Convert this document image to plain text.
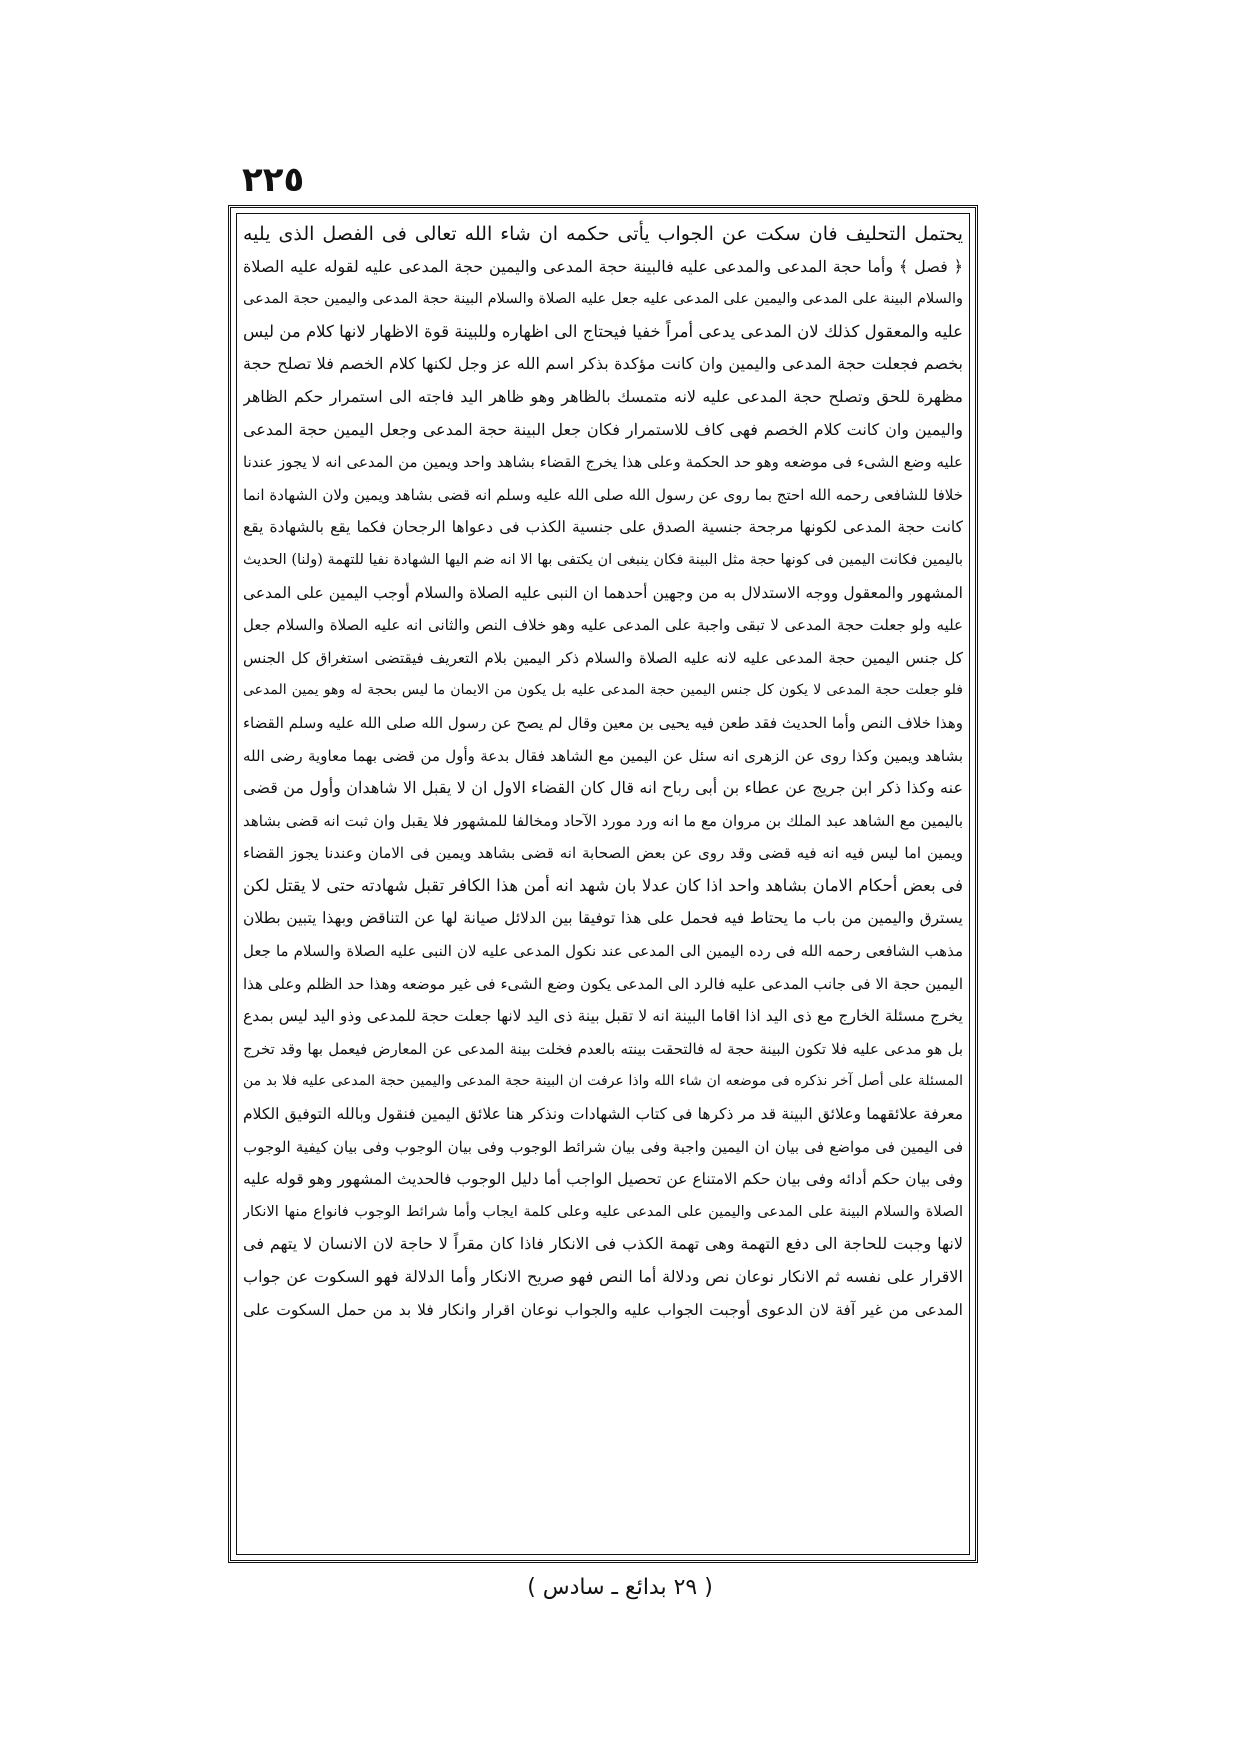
٢٢٥
يحتمل التحليف فان سكت عن الجواب يأتى حكمه ان شاء الله تعالى فى الفصل الذى يليه
﴿ فصل ﴾ وأما حجة المدعى والمدعى عليه فالبينة حجة المدعى واليمين حجة المدعى عليه لقوله عليه الصلاة
والسلام البينة على المدعى واليمين على المدعى عليه جعل عليه الصلاة والسلام البينة حجة المدعى واليمين حجة المدعى
عليه والمعقول كذلك لان المدعى يدعى أمراً خفيا فيحتاج الى اظهاره وللبينة قوة الاظهار لانها كلام من ليس
بخصم فجعلت حجة المدعى واليمين وان كانت مؤكدة بذكر اسم الله عز وجل لكنها كلام الخصم فلا تصلح حجة
مظهرة للحق وتصلح حجة المدعى عليه لانه متمسك بالظاهر وهو ظاهر اليد فاجته الى استمرار حكم الظاهر
واليمين وان كانت كلام الخصم فهى كاف للاستمرار فكان جعل البينة حجة المدعى وجعل اليمين حجة المدعى
عليه وضع الشىء فى موضعه وهو حد الحكمة وعلى هذا يخرج القضاء بشاهد واحد ويمين من المدعى انه لا يجوز عندنا
خلافا للشافعى رحمه الله احتج بما روى عن رسول الله صلى الله عليه وسلم انه قضى بشاهد ويمين ولان الشهادة انما
كانت حجة المدعى لكونها مرجحة جنسية الصدق على جنسية الكذب فى دعواها الرجحان فكما يقع بالشهادة يقع
باليمين فكانت اليمين فى كونها حجة مثل البينة فكان ينبغى ان يكتفى بها الا انه ضم اليها الشهادة نفيا للتهمة (ولنا) الحديث
المشهور والمعقول ووجه الاستدلال به من وجهين أحدهما ان النبى عليه الصلاة والسلام أوجب اليمين على المدعى
عليه ولو جعلت حجة المدعى لا تبقى واجبة على المدعى عليه وهو خلاف النص والثانى انه عليه الصلاة والسلام جعل
كل جنس اليمين حجة المدعى عليه لانه عليه الصلاة والسلام ذكر اليمين بلام التعريف فيقتضى استغراق كل الجنس
فلو جعلت حجة المدعى لا يكون كل جنس اليمين حجة المدعى عليه بل يكون من الايمان ما ليس بحجة له وهو يمين المدعى
وهذا خلاف النص وأما الحديث فقد طعن فيه يحيى بن معين وقال لم يصح عن رسول الله صلى الله عليه وسلم القضاء
بشاهد ويمين وكذا روى عن الزهرى انه سئل عن اليمين مع الشاهد فقال بدعة وأول من قضى بهما معاوية رضى الله
عنه وكذا ذكر ابن جريج عن عطاء بن أبى رباح انه قال كان القضاء الاول ان لا يقبل الا شاهدان وأول من قضى
باليمين مع الشاهد عبد الملك بن مروان مع ما انه ورد مورد الآحاد ومخالفا للمشهور فلا يقبل وان ثبت انه قضى بشاهد
ويمين اما ليس فيه انه فيه قضى وقد روى عن بعض الصحابة انه قضى بشاهد ويمين فى الامان وعندنا يجوز القضاء
فى بعض أحكام الامان بشاهد واحد اذا كان عدلا بان شهد انه أمن هذا الكافر تقبل شهادته حتى لا يقتل لكن
يسترق واليمين من باب ما يحتاط فيه فحمل على هذا توفيقا بين الدلائل صيانة لها عن التناقض وبهذا يتبين بطلان
مذهب الشافعى رحمه الله فى رده اليمين الى المدعى عند نكول المدعى عليه لان النبى عليه الصلاة والسلام ما جعل
اليمين حجة الا فى جانب المدعى عليه فالرد الى المدعى يكون وضع الشىء فى غير موضعه وهذا حد الظلم وعلى هذا
يخرج مسئلة الخارج مع ذى اليد اذا اقاما البينة انه لا تقبل بينة ذى اليد لانها جعلت حجة للمدعى وذو اليد ليس بمدع
بل هو مدعى عليه فلا تكون البينة حجة له فالتحقت بينته بالعدم فخلت بينة المدعى عن المعارض فيعمل بها وقد تخرج
المسئلة على أصل آخر نذكره فى موضعه ان شاء الله واذا عرفت ان البينة حجة المدعى واليمين حجة المدعى عليه فلا بد من
معرفة علائقهما وعلائق البينة قد مر ذكرها فى كتاب الشهادات ونذكر هنا علائق اليمين فنقول وبالله التوفيق الكلام
فى اليمين فى مواضع فى بيان ان اليمين واجبة وفى بيان شرائط الوجوب وفى بيان الوجوب وفى بيان كيفية الوجوب
وفى بيان حكم أدائه وفى بيان حكم الامتناع عن تحصيل الواجب أما دليل الوجوب فالحديث المشهور وهو قوله عليه
الصلاة والسلام البينة على المدعى واليمين على المدعى عليه وعلى كلمة ايجاب وأما شرائط الوجوب فانواع منها الانكار
لانها وجبت للحاجة الى دفع التهمة وهى تهمة الكذب فى الانكار فاذا كان مقراً لا حاجة لان الانسان لا يتهم فى
الاقرار على نفسه ثم الانكار نوعان نص ودلالة أما النص فهو صريح الانكار وأما الدلالة فهو السكوت عن جواب
المدعى من غير آفة لان الدعوى أوجبت الجواب عليه والجواب نوعان اقرار وانكار فلا بد من حمل السكوت على
( ٢٩ بدائع ـ سادس )
